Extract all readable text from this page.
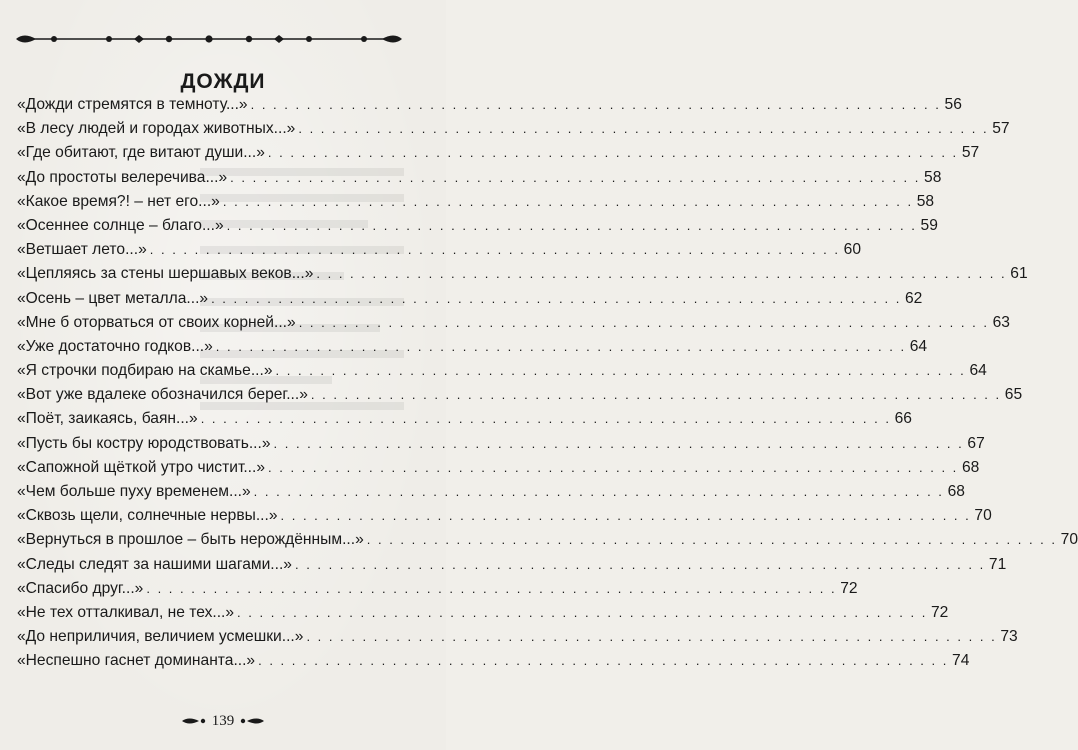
ДОЖДИ
«Дожди стремятся в темноту...» . . .	56
«В лесу людей и городах животных...» . . .	57
«Где обитают, где витают души...» . . .	57
«До простоты велеречива...» . . .	58
«Какое время?! – нет его...» . . .	58
«Осеннее солнце – благо...» . . .	59
«Ветшает лето...» . . .	60
«Цепляясь за стены шершавых веков...» . . .	61
«Осень – цвет металла...» . . .	62
«Мне б оторваться от своих корней...» . . .	63
«Уже достаточно годков...» . . .	64
«Я строчки подбираю на скамье...» . . .	64
«Вот уже вдалеке обозначился берег...» . . .	65
«Поёт, заикаясь, баян...» . . .	66
«Пусть бы костру юродствовать...» . . .	67
«Сапожной щёткой утро чистит...» . . .	68
«Чем больше пуху временем...» . . .	68
«Сквозь щели, солнечные нервы...» . . .	70
«Вернуться в прошлое – быть нерождённым...» . . .	70
«Следы следят за нашими шагами...» . . .	71
«Спасибо друг...» . . .	72
«Не тех отталкивал, не тех...» . . .	72
«До неприличия, величием усмешки...» . . .	73
«Неспешно гаснет доминанта...» . . .	74
139
